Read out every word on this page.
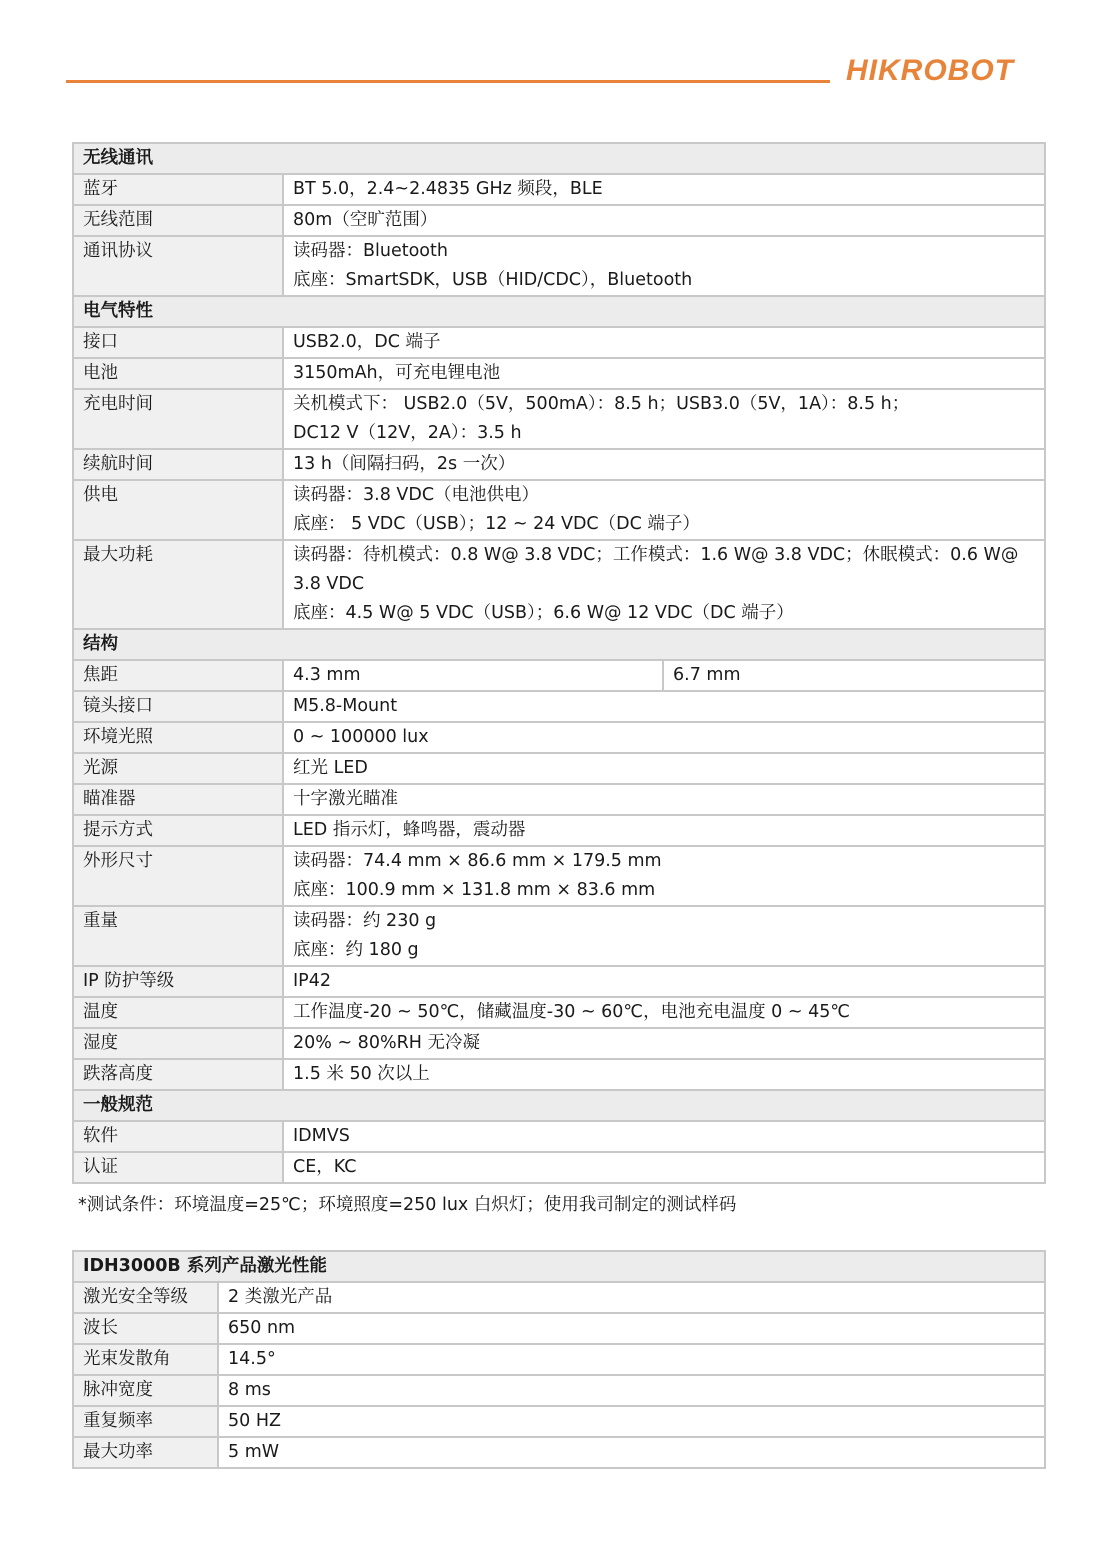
HIKROBOT
无线通讯		
蓝牙	BT 5.0，2.4~2.4835 GHz 频段，BLE	
无线范围	80m（空旷范围）	
通讯协议	读码器：Bluetooth
底座：SmartSDK，USB（HID/CDC），Bluetooth	

电气特性		
接口	USB2.0，DC 端子	
电池	3150mAh，可充电锂电池	
充电时间	关机模式下： USB2.0（5V，500mA）：8.5 h；USB3.0（5V，1A）：8.5 h；
DC12 V（12V，2A）：3.5 h	

续航时间	13 h（间隔扫码，2s 一次）	
供电	读码器：3.8 VDC（电池供电）
底座： 5 VDC（USB）；12 ~ 24 VDC（DC 端子）	

最大功耗	读码器：待机模式：0.8 W@ 3.8 VDC；工作模式：1.6 W@ 3.8 VDC；休眠模式：0.6 W@
3.8 VDC
底座：4.5 W@ 5 VDC（USB）；6.6 W@ 12 VDC（DC 端子）	

结构		
焦距	4.3 mm	6.7 mm
镜头接口	M5.8-Mount	
环境光照	0 ~ 100000 lux	
光源	红光 LED	
瞄准器	十字激光瞄准	
提示方式	LED 指示灯，蜂鸣器，震动器	
外形尺寸	读码器：74.4 mm × 86.6 mm × 179.5 mm
底座：100.9 mm × 131.8 mm × 83.6 mm	

重量	读码器：约 230 g
底座：约 180 g	

IP 防护等级	IP42	
温度	工作温度-20 ~ 50℃，储藏温度-30 ~ 60℃，电池充电温度 0 ~ 45℃	
湿度	20% ~ 80%RH 无冷凝	
跌落高度	1.5 米 50 次以上	
一般规范		
软件	IDMVS	
认证	CE，KC	
*测试条件：环境温度=25℃；环境照度=250 lux 白炽灯；使用我司制定的测试样码
IDH3000B 系列产品激光性能	
激光安全等级	2 类激光产品
波长	650 nm
光束发散角	14.5°
脉冲宽度	8 ms
重复频率	50 HZ
最大功率	5 mW
